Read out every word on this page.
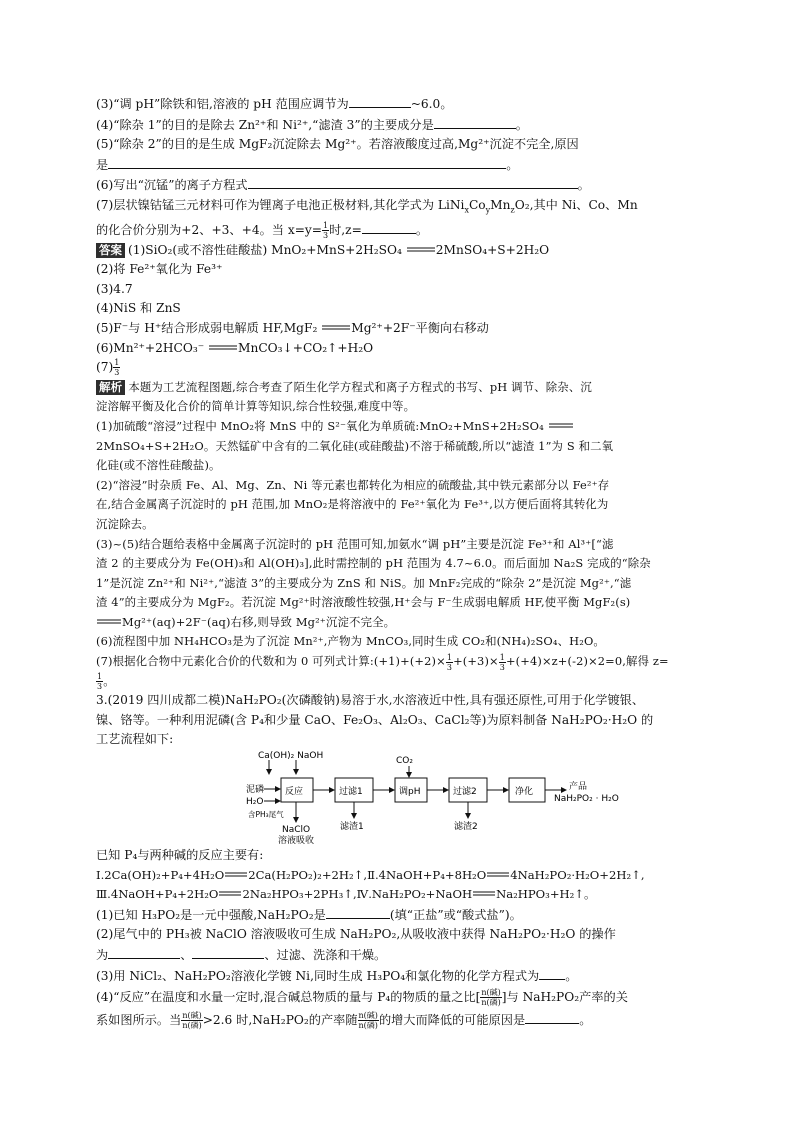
(3)“调 pH”除铁和铝,溶液的 pH 范围应调节为	~6.0。
(4)“除杂 1”的目的是除去 Zn²⁺和 Ni²⁺,“滤渣 3”的主要成分是	。
(5)“除杂 2”的目的是生成 MgF₂沉淀除去 Mg²⁺。若溶液酸度过高,Mg²⁺沉淀不完全,原因
是	。
(6)写出“沉锰”的离子方程式	。
(7)层状镍钴锰三元材料可作为锂离子电池正极材料,其化学式为 $LiNi_xCo_yMn_zO_2$,其中 Ni、Co、Mn
的化合价分别为+2、+3、+4。当 $x=y= \frac{1}{3}$ 时,z=	。
答案 (1)SiO₂(或不溶性硅酸盐) MnO₂+MnS+2H₂SO₄	2MnSO₄+S+2H₂O
(2)将 Fe²⁺氧化为 Fe³⁺
(3)4.7
(4)NiS 和 ZnS
(5)F⁻与 H⁺结合形成弱电解质 HF,MgF₂	Mg²⁺+2F⁻平衡向右移动
(6)Mn²⁺+2HCO₃⁻	MnCO₃↓+CO₂↑+H₂O
$(7) \frac{1}{3}$
解析 本题为工艺流程图题,综合考查了陌生化学方程式和离子方程式的书写、pH 调节、除杂、沉
淀溶解平衡及化合价的简单计算等知识,综合性较强,难度中等。
(1)加硫酸“溶浸”过程中 MnO₂将 MnS 中的 S²⁻氧化为单质硫:MnO₂+MnS+2H₂SO₄
2MnSO₄+S+2H₂O。天然锰矿中含有的二氧化硅(或硅酸盐)不溶于稀硫酸,所以“滤渣 1”为 S 和二氧
化硅(或不溶性硅酸盐)。
(2)“溶浸”时杂质 Fe、Al、Mg、Zn、Ni 等元素也都转化为相应的硫酸盐,其中铁元素部分以 Fe²⁺存
在,结合金属离子沉淀时的 pH 范围,加 MnO₂是将溶液中的 Fe²⁺氧化为 Fe³⁺,以方便后面将其转化为
沉淀除去。
(3)~(5)结合题给表格中金属离子沉淀时的 pH 范围可知,加氨水“调 pH”主要是沉淀 Fe³⁺和 Al³⁺[“滤
渣 2 的主要成分为 Fe(OH)₃和 Al(OH)₃],此时需控制的 pH 范围为 4.7~6.0。而后面加 Na₂S 完成的“除杂
1”是沉淀 Zn²⁺和 Ni²⁺,“滤渣 3”的主要成分为 ZnS 和 NiS。加 MnF₂完成的“除杂 2”是沉淀 Mg²⁺,“滤
渣 4”的主要成分为 MgF₂。若沉淀 Mg²⁺时溶液酸性较强,H⁺会与 F⁻生成弱电解质 HF,使平衡 MgF₂(s)
Mg²⁺(aq)+2F⁻(aq)右移,则导致 Mg²⁺沉淀不完全。
(6)流程图中加 NH₄HCO₃是为了沉淀 Mn²⁺,产物为 MnCO₃,同时生成 CO₂和(NH₄)₂SO₄、H₂O。
(7)根据化合物中元素化合价的代数和为 0 可列式计算:(+1)+(+2)× $\frac{1}{3} +(+3)\times \frac{1}{3} +(+4)\times z+(-2)\times 2=0$,解得 z=
$\frac{1}{3}$ 。
3.(2019 四川成都二模)NaH₂PO₂(次磷酸钠)易溶于水,水溶液近中性,具有强还原性,可用于化学镀银、
镍、铬等。一种利用泥磷(含 P₄和少量 CaO、Fe₂O₃、Al₂O₃、CaCl₂等)为原料制备 NaH₂PO₂·H₂O 的
工艺流程如下:
Ca(OH)₂ NaOH
泥磷
H₂O
含PH₃尾气
反应
NaClO
溶液吸收
过滤1
滤渣1
CO₂
调pH	过滤2
滤渣2
净化	产品
NaH₂PO₂ · H₂O
已知 P₄与两种碱的反应主要有:
Ⅰ.2Ca(OH)₂+P₄+4H₂O 2Ca(H₂PO₂)₂+2H₂↑,Ⅱ.4NaOH+P₄+8H₂O 4NaH₂PO₂·H₂O+2H₂↑,
Ⅲ.4NaOH+P₄+2H₂O 2Na₂HPO₃+2PH₃↑,Ⅳ.NaH₂PO₂+NaOH Na₂HPO₃+H₂↑。
(1)已知 H₃PO₂是一元中强酸,NaH₂PO₂是	(填“正盐”或“酸式盐”)。
(2)尾气中的 PH₃被 NaClO 溶液吸收可生成 NaH₂PO₂,从吸收液中获得 NaH₂PO₂·H₂O 的操作
为	、	、过滤、洗涤和干燥。
(3)用 NiCl₂、NaH₂PO₂溶液化学镀 Ni,同时生成 H₃PO₄和氯化物的化学方程式为 。
(4)“反应”在温度和水量一定时,混合碱总物质的量与 P₄的物质的量之比[ $\frac{\text{n(碱)}}{\text{n(磷)}}$ ]与 NaH₂PO₂产率的关
系如图所示。当 $\frac{\text{n(碱)}}{\text{n(磷)}} >2.6$ 时,NaH₂PO₂的产率随 $\frac{\text{n(碱)}}{\text{n(磷)}}$ 的增大而降低的可能原因是	。
